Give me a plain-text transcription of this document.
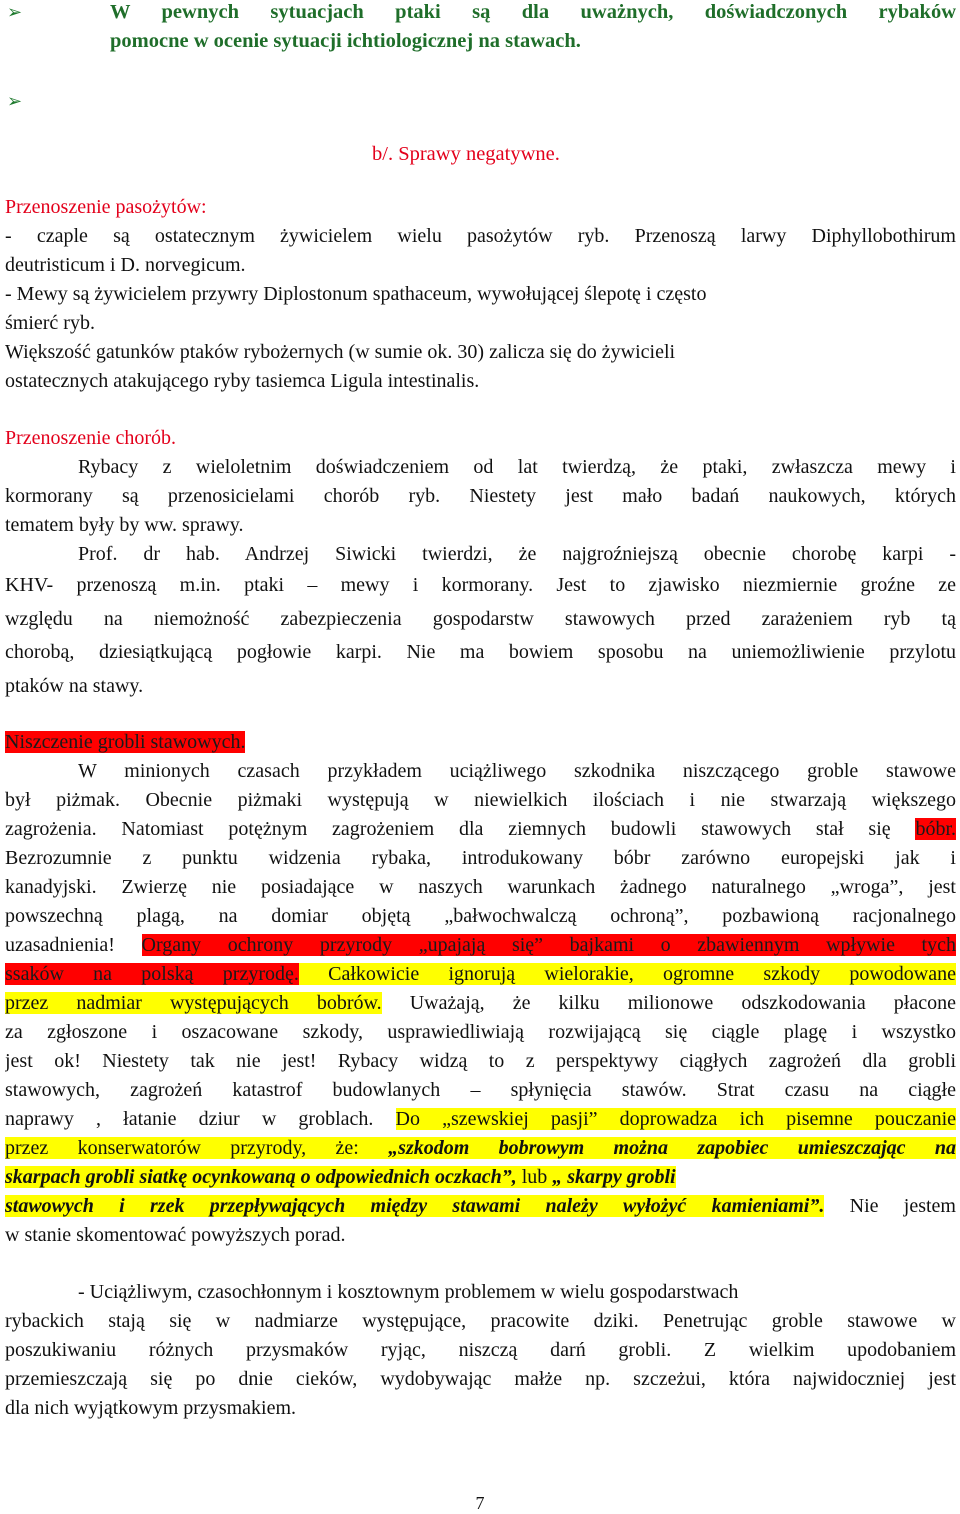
➢	W pewnych sytuacjach ptaki są dla uważnych, doświadczonych rybaków
pomocne w ocenie sytuacji ichtiologicznej na stawach.
➢
b/. Sprawy negatywne.
Przenoszenie pasożytów:
- czaple są ostatecznym żywicielem wielu pasożytów ryb. Przenoszą larwy Diphyllobothirum
deutristicum i D. norvegicum.
- Mewy są żywicielem przywry Diplostonum spathaceum, wywołującej ślepotę i często
śmierć ryb.
Większość gatunków ptaków rybożernych (w sumie ok. 30) zalicza się do żywicieli
ostatecznych atakującego ryby tasiemca Ligula intestinalis.
Przenoszenie chorób.
Rybacy z wieloletnim doświadczeniem od lat twierdzą, że ptaki, zwłaszcza mewy i
kormorany są przenosicielami chorób ryb. Niestety jest mało badań naukowych, których
tematem były by ww. sprawy.
Prof. dr hab. Andrzej Siwicki twierdzi, że najgroźniejszą obecnie chorobę karpi -
KHV- przenoszą m.in. ptaki – mewy i kormorany. Jest to zjawisko niezmiernie groźne ze
względu na niemożność zabezpieczenia gospodarstw stawowych przed zarażeniem ryb tą
chorobą, dziesiątkującą pogłowie karpi. Nie ma bowiem sposobu na uniemożliwienie przylotu
ptaków na stawy.
Niszczenie grobli stawowych.
W minionych czasach przykładem uciążliwego szkodnika niszczącego groble stawowe
był piżmak. Obecnie piżmaki występują w niewielkich ilościach i nie stwarzają większego
zagrożenia. Natomiast potężnym zagrożeniem dla ziemnych budowli stawowych stał się bóbr.
Bezrozumnie z punktu widzenia rybaka, introdukowany bóbr zarówno europejski jak i
kanadyjski. Zwierzę nie posiadające w naszych warunkach żadnego naturalnego „wroga”, jest
powszechną plagą, na domiar objętą „bałwochwalczą ochroną”, pozbawioną racjonalnego
uzasadnienia! Organy ochrony przyrody „upajają się” bajkami o zbawiennym wpływie tych
ssaków na polską przyrodę. Całkowicie ignorują wielorakie, ogromne szkody powodowane
przez nadmiar występujących bobrów. Uważają, że kilku milionowe odszkodowania płacone
za zgłoszone i oszacowane szkody, usprawiedliwiają rozwijającą się ciągle plagę i wszystko
jest ok! Niestety tak nie jest! Rybacy widzą to z perspektywy ciągłych zagrożeń dla grobli
stawowych, zagrożeń katastrof budowlanych – spłynięcia stawów. Strat czasu na ciągłe
naprawy , łatanie dziur w groblach. Do „szewskiej pasji” doprowadza ich pisemne pouczanie
przez konserwatorów przyrody, że: „szkodom bobrowym można zapobiec umieszczając na
skarpach grobli siatkę ocynkowaną o odpowiednich oczkach”, lub „ skarpy grobli
stawowych i rzek przepływających między stawami należy wyłożyć kamieniami”. Nie jestem
w stanie skomentować powyższych porad.
- Uciążliwym, czasochłonnym i kosztownym problemem w wielu gospodarstwach
rybackich stają się w nadmiarze występujące, pracowite dziki. Penetrując groble stawowe w
poszukiwaniu różnych przysmaków ryjąc, niszczą darń grobli. Z wielkim upodobaniem
przemieszczają się po dnie cieków, wydobywając małże np. szczeżui, która najwidoczniej jest
dla nich wyjątkowym przysmakiem.
7
